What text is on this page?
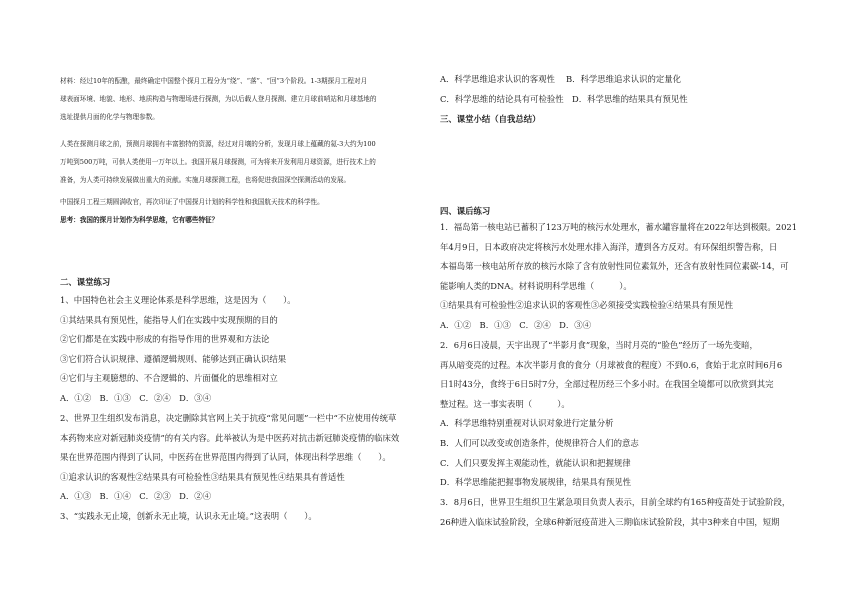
材料：经过10年的酝酿，最终确定中国整个探月工程分为“绕”、“落”、“回”3个阶段。1-3期探月工程对月

球表面环境、地貌、地形、地质构造与物理场进行探测，为以后载人登月探测、建立月球前哨站和月球基地的

选址提供月面的化学与物理参数。

人类在探测月球之前，预测月球拥有丰富独特的资源，经过对月壤的分析，发现月球上蕴藏的氦-3大约为100

万吨到500万吨，可供人类使用一万年以上。我国开展月球探测，可为将来开发利用月球资源，进行技术上的

准备，为人类可持续发展做出重大的贡献。实施月球探测工程，也将促进我国深空探测活动的发展。

中国探月工程三期圆满收官，再次印证了中国探月计划的科学性和我国航天技术的科学性。

思考：我国的探月计划作为科学思维，它有哪些特征？

二、课堂练习

1、中国特色社会主义理论体系是科学思维，这是因为（　　）。

①其结果具有预见性，能指导人们在实践中实现预期的目的

②它们都是在实践中形成的有指导作用的世界观和方法论

③它们符合认识规律、遵循逻辑规则、能够达到正确认识结果

④它们与主观臆想的、不合逻辑的、片面僵化的思维相对立

A．①②　B．①③　C．②④　D．③④

2、世界卫生组织发布消息，决定删除其官网上关于抗疫“常见问题”一栏中“不应使用传统草

本药物来应对新冠肺炎疫情”的有关内容。此举被认为是中医药对抗击新冠肺炎疫情的临床效

果在世界范围内得到了认同，中医药在世界范围内得到了认同，体现出科学思维（　　）。

①追求认识的客观性②结果具有可检验性③结果具有预见性④结果具有普适性

A．①③　B．①④　C．②③　D．②④

3、“实践永无止境，创新永无止境，认识永无止境。”这表明（　　）。

A．科学思维追求认识的客观性　 B．科学思维追求认识的定量化

C．科学思维的结论具有可检验性　D．科学思维的结果具有预见性

三、课堂小结（自我总结）

四、课后练习

1．福岛第一核电站已蓄积了123万吨的核污水处理水，蓄水罐容量将在2022年达到极限。2021

年4月9日，日本政府决定将核污水处理水排入海洋，遭到各方反对。有环保组织警告称，日

本福岛第一核电站所存放的核污水除了含有放射性同位素氚外，还含有放射性同位素碳-14，可

能影响人类的DNA。材料说明科学思维（　　　）。

①结果具有可检验性②追求认识的客观性③必须接受实践检验④结果具有预见性

A．①②　B．①③　C．②④　D．③④

2．6月6日凌晨，天宇出现了“半影月食”现象，当时月亮的“脸色”经历了一场先变暗，

再从暗变亮的过程。本次半影月食的食分（月球被食的程度）不到0.6，食始于北京时间6月6

日1时43分，食终于6日5时7分，全部过程历经三个多小时。在我国全境都可以欣赏到其完

整过程。这一事实表明（　　　）。

A．科学思维特别重视对认识对象进行定量分析

B．人们可以改变或创造条件，使规律符合人们的意志

C．人们只要发挥主观能动性，就能认识和把握规律

D．科学思维能把握事物发展规律，结果具有预见性

3．8月6日，世界卫生组织卫生紧急项目负责人表示，目前全球约有165种疫苗处于试验阶段，

26种进入临床试验阶段，全球6种新冠疫苗进入三期临床试验阶段，其中3种来自中国，短期
